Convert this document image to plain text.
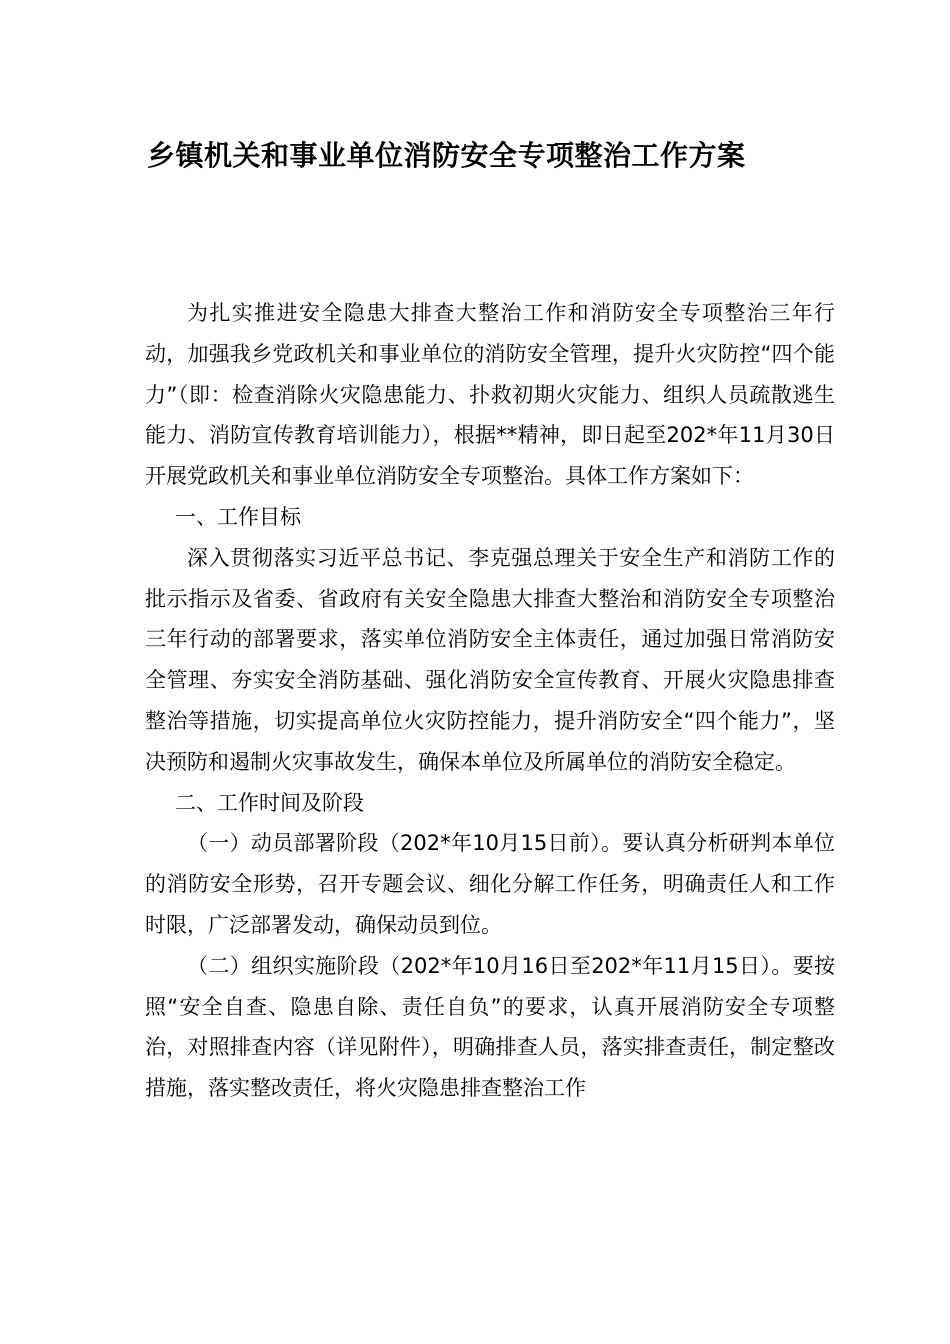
乡镇机关和事业单位消防安全专项整治工作方案

为扎实推进安全隐患大排查大整治工作和消防安全专项整治三年行动，加强我乡党政机关和事业单位的消防安全管理，提升火灾防控“四个能力”（即：检查消除火灾隐患能力、扑救初期火灾能力、组织人员疏散逃生能力、消防宣传教育培训能力），根据**精神，即日起至202*年11月30日开展党政机关和事业单位消防安全专项整治。具体工作方案如下：

一、工作目标

深入贯彻落实习近平总书记、李克强总理关于安全生产和消防工作的批示指示及省委、省政府有关安全隐患大排查大整治和消防安全专项整治三年行动的部署要求，落实单位消防安全主体责任，通过加强日常消防安全管理、夯实安全消防基础、强化消防安全宣传教育、开展火灾隐患排查整治等措施，切实提高单位火灾防控能力，提升消防安全“四个能力”，坚决预防和遏制火灾事故发生，确保本单位及所属单位的消防安全稳定。

二、工作时间及阶段

（一）动员部署阶段（202*年10月15日前）。要认真分析研判本单位的消防安全形势，召开专题会议、细化分解工作任务，明确责任人和工作时限，广泛部署发动，确保动员到位。

（二）组织实施阶段（202*年10月16日至202*年11月15日）。要按照“安全自查、隐患自除、责任自负”的要求，认真开展消防安全专项整治，对照排查内容（详见附件），明确排查人员，落实排查责任，制定整改措施，落实整改责任，将火灾隐患排查整治工作
